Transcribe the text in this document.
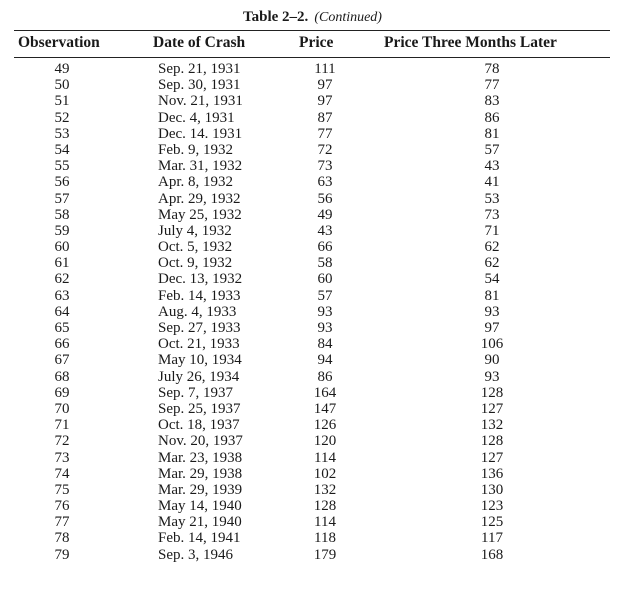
Table 2–2. (Continued)
Observation	Date of Crash	Price	Price Three Months Later
49	Sep. 21, 1931	111	78
50	Sep. 30, 1931	97	77
51	Nov. 21, 1931	97	83
52	Dec. 4, 1931	87	86
53	Dec. 14. 1931	77	81
54	Feb. 9, 1932	72	57
55	Mar. 31, 1932	73	43
56	Apr. 8, 1932	63	41
57	Apr. 29, 1932	56	53
58	May 25, 1932	49	73
59	July 4, 1932	43	71
60	Oct. 5, 1932	66	62
61	Oct. 9, 1932	58	62
62	Dec. 13, 1932	60	54
63	Feb. 14, 1933	57	81
64	Aug. 4, 1933	93	93
65	Sep. 27, 1933	93	97
66	Oct. 21, 1933	84	106
67	May 10, 1934	94	90
68	July 26, 1934	86	93
69	Sep. 7, 1937	164	128
70	Sep. 25, 1937	147	127
71	Oct. 18, 1937	126	132
72	Nov. 20, 1937	120	128
73	Mar. 23, 1938	114	127
74	Mar. 29, 1938	102	136
75	Mar. 29, 1939	132	130
76	May 14, 1940	128	123
77	May 21, 1940	114	125
78	Feb. 14, 1941	118	117
79	Sep. 3, 1946	179	168
